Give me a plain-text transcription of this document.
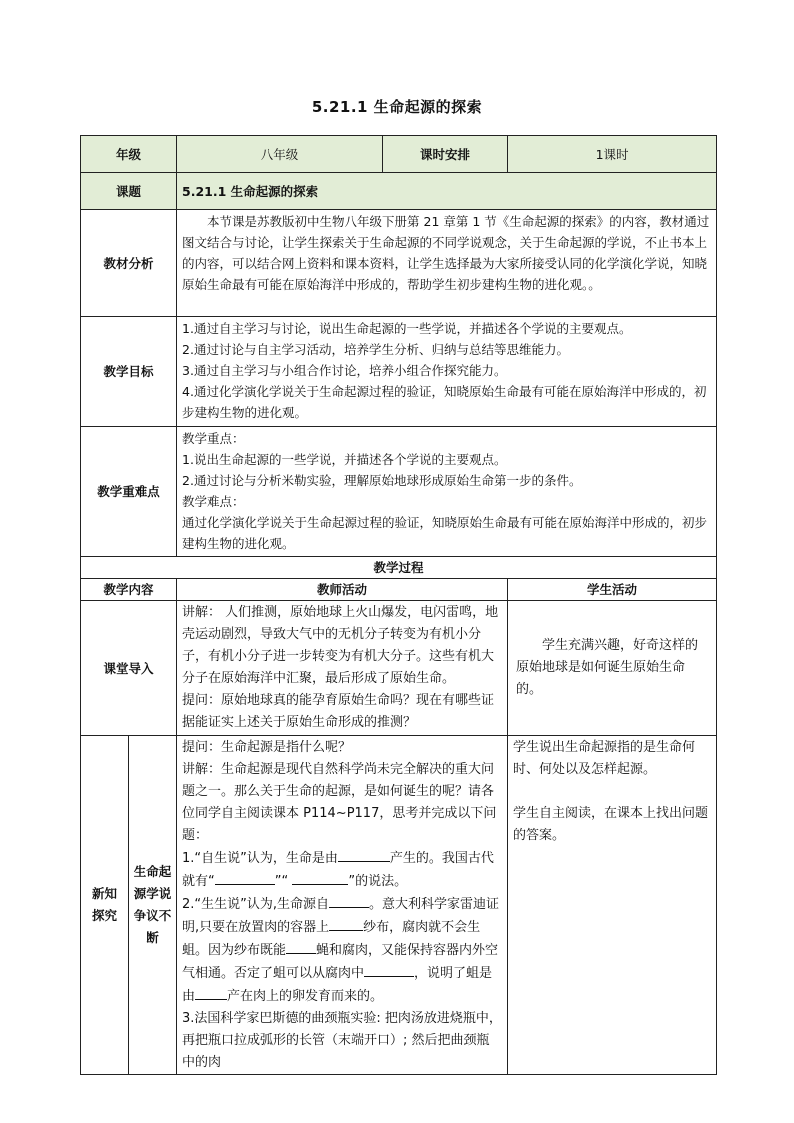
5.21.1 生命起源的探索
年级		八年级	课时安排	1课时
课题		5.21.1 生命起源的探索		
教材分析		本节课是苏教版初中生物八年级下册第 21 章第 1 节《生命起源的探索》的内容，教材通过图文结合与讨论，让学生探索关于生命起源的不同学说观念，关于生命起源的学说，不止书本上的内容，可以结合网上资料和课本资料，让学生选择最为大家所接受认同的化学演化学说，知晓原始生命最有可能在原始海洋中形成的，帮助学生初步建构生物的进化观。。		
教学目标		1.通过自主学习与讨论，说出生命起源的一些学说，并描述各个学说的主要观点。
2.通过讨论与自主学习活动，培养学生分析、归纳与总结等思维能力。
3.通过自主学习与小组合作讨论，培养小组合作探究能力。
4.通过化学演化学说关于生命起源过程的验证，知晓原始生命最有可能在原始海洋中形成的，初步建构生物的进化观。		

教学重难点		教学重点：
1.说出生命起源的一些学说，并描述各个学说的主要观点。
2.通过讨论与分析米勒实验，理解原始地球形成原始生命第一步的条件。
教学难点：
通过化学演化学说关于生命起源过程的验证，知晓原始生命最有可能在原始海洋中形成的，初步建构生物的进化观。		

教学过程				
教学内容		教师活动		学生活动
课堂导入		讲解： 人们推测，原始地球上火山爆发，电闪雷鸣，地壳运动剧烈，导致大气中的无机分子转变为有机小分子，有机小分子进一步转变为有机大分子。这些有机大分子在原始海洋中汇聚，最后形成了原始生命。
提问：原始地球真的能孕育原始生命吗？现在有哪些证据能证实上述关于原始生命形成的推测？		学生充满兴趣，好奇这样的原始地球是如何诞生原始生命的。
新知探究	生命起源学说争议不断	提问：生命起源是指什么呢？
讲解：生命起源是现代自然科学尚未完全解决的重大问题之一。那么关于生命的起源，是如何诞生的呢？请各位同学自主阅读课本 P114~P117，思考并完成以下问题：
1.“自生说”认为，生命是由 产生的。我国古代就有“ ”“ ”的说法。
2.“生生说”认为,生命源自 。意大利科学家雷迪证明,只要在放置肉的容器上 纱布，腐肉就不会生蛆。因为纱布既能 蝇和腐肉，又能保持容器内外空气相通。否定了蛆可以从腐肉中 ，说明了蛆是由 产在肉上的卵发育而来的。
3.法国科学家巴斯德的曲颈瓶实验: 把肉汤放进烧瓶中，再把瓶口拉成弧形的长管（末端开口）; 然后把曲颈瓶中的肉		学生说出生命起源指的是生命何时、何处以及怎样起源。
学生自主阅读，在课本上找出问题的答案。
